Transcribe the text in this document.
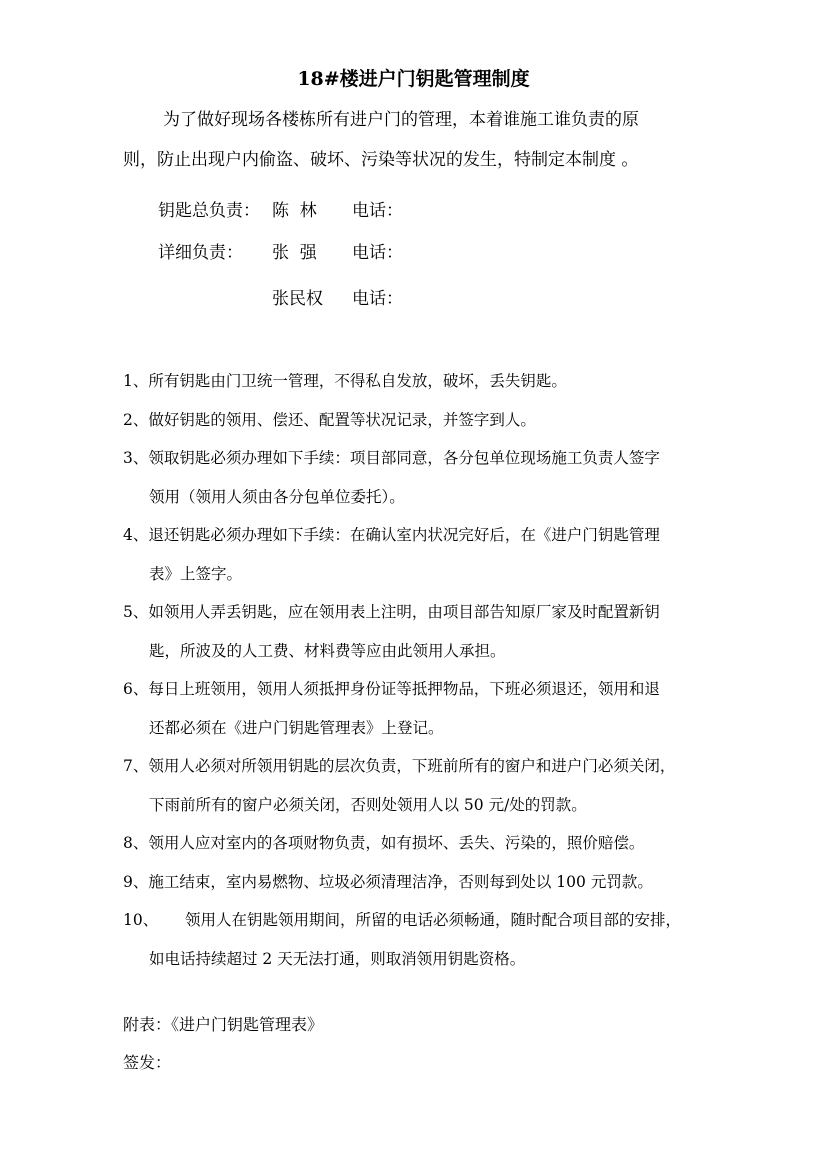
18#楼进户门钥匙管理制度
为了做好现场各楼栋所有进户门的管理，本着谁施工谁负责的原
则，防止出现户内偷盗、破坏、污染等状况的发生，特制定本制度 。
钥匙总负责： 陈  林 电话：
详细负责： 张  强 电话：
张民权 电话：
1、 所有钥匙由门卫统一管理，不得私自发放，破坏，丢失钥匙。
2、 做好钥匙的领用、偿还、配置等状况记录，并签字到人。
3、 领取钥匙必须办理如下手续：项目部同意，各分包单位现场施工负责人签字
领用（领用人须由各分包单位委托）。
4、 退还钥匙必须办理如下手续：在确认室内状况完好后，在《进户门钥匙管理
表》上签字。
5、 如领用人弄丢钥匙，应在领用表上注明，由项目部告知原厂家及时配置新钥
匙，所波及的人工费、材料费等应由此领用人承担。
6、 每日上班领用，领用人须抵押身份证等抵押物品，下班必须退还，领用和退
还都必须在《进户门钥匙管理表》上登记。
7、 领用人必须对所领用钥匙的层次负责，下班前所有的窗户和进户门必须关闭，
下雨前所有的窗户必须关闭，否则处领用人以 50 元/处的罚款。
8、 领用人应对室内的各项财物负责，如有损坏、丢失、污染的，照价赔偿。
9、 施工结束，室内易燃物、垃圾必须清理洁净，否则每到处以 100 元罚款。
10、	领用人在钥匙领用期间，所留的电话必须畅通，随时配合项目部的安排，
如电话持续超过 2 天无法打通，则取消领用钥匙资格。
附表：《进户门钥匙管理表》
签发：
